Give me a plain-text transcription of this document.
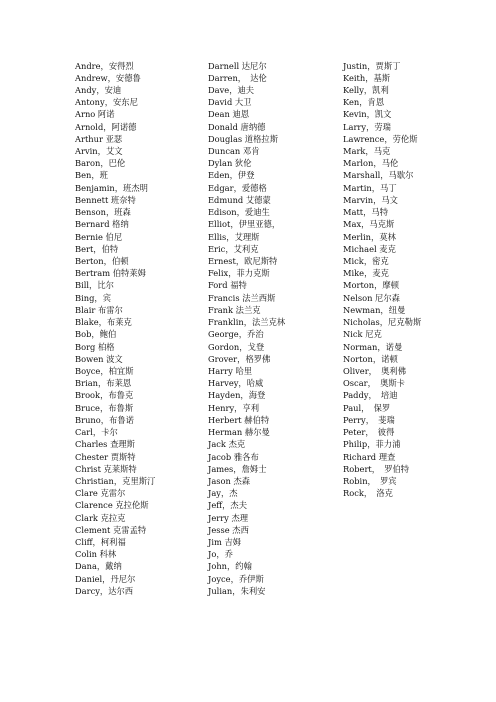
Andre，安得烈
Andrew，安德鲁
Andy，安迪
Antony，安东尼
Arno 阿诺
Arnold，阿诺德
Arthur 亚瑟
Arvin，艾文
Baron，巴伦
Ben，班
Benjamin，班杰明
Bennett 班奈特
Benson，班森
Bernard 格纳
Bernie 伯尼
Bert，伯特
Berton，伯顿
Bertram 伯特莱姆
Bill，比尔
Bing，宾
Blair 布雷尔
Blake，布莱克
Bob，鲍伯
Borg 柏格
Bowen 波文
Boyce，柏宜斯
Brian，布莱恩
Brook，布鲁克
Bruce，布鲁斯
Bruno，布鲁诺
Carl，卡尔
Charles 查理斯
Chester 贾斯特
Christ 克莱斯特
Christian，克里斯汀
Clare 克雷尔
Clarence 克拉伦斯
Clark 克拉克
Clement 克雷孟特
Cliff，柯利福
Colin 科林
Dana，戴纳
Daniel，丹尼尔
Darcy，达尔西
Darnell 达尼尔
Darren，　达伦
Dave，迪夫
David 大卫
Dean 迪恩
Donald 唐纳德
Douglas 道格拉斯
Duncan 邓肯
Dylan 狄伦
Eden，伊登
Edgar，爱德格
Edmund 艾德蒙
Edison，爱迪生
Elliot，伊里亚德，
Ellis，艾理斯
Eric，艾利克
Ernest，欧尼斯特
Felix，菲力克斯
Ford 福特
Francis 法兰西斯
Frank 法兰克
Franklin，法兰克林
George，乔治
Gordon，戈登
Grover，格罗佛
Harry 哈里
Harvey，哈威
Hayden，海登
Henry，亨利
Herbert 赫伯特
Herman 赫尔曼
Jack 杰克
Jacob 雅各布
James，詹姆士
Jason 杰森
Jay，杰
Jeff，杰夫
Jerry 杰理
Jesse 杰西
Jim 吉姆
Jo，乔
John，约翰
Joyce，乔伊斯
Julian，朱利安
Justin，贾斯丁
Keith，基斯
Kelly，凯利
Ken，肯恩
Kevin，凯文
Larry，劳瑞
Lawrence，劳伦斯
Mark，马克
Marlon，马伦
Marshall，马歇尔
Martin，马丁
Marvin，马文
Matt，马特
Max，马克斯
Merlin，莫林
Michael 麦克
Mick，密克
Mike，麦克
Morton，摩顿
Nelson 尼尔森
Newman，纽曼
Nicholas，尼克勒斯
Nick 尼克
Norman，诺曼
Norton，诺顿
Oliver，　奥利佛
Oscar，　奥斯卡
Paddy，　培迪
Paul，　保罗
Perry，　斐瑞
Peter，　彼得
Philip，菲力浦
Richard 理查
Robert，　罗伯特
Robin，　罗宾
Rock，　洛克
